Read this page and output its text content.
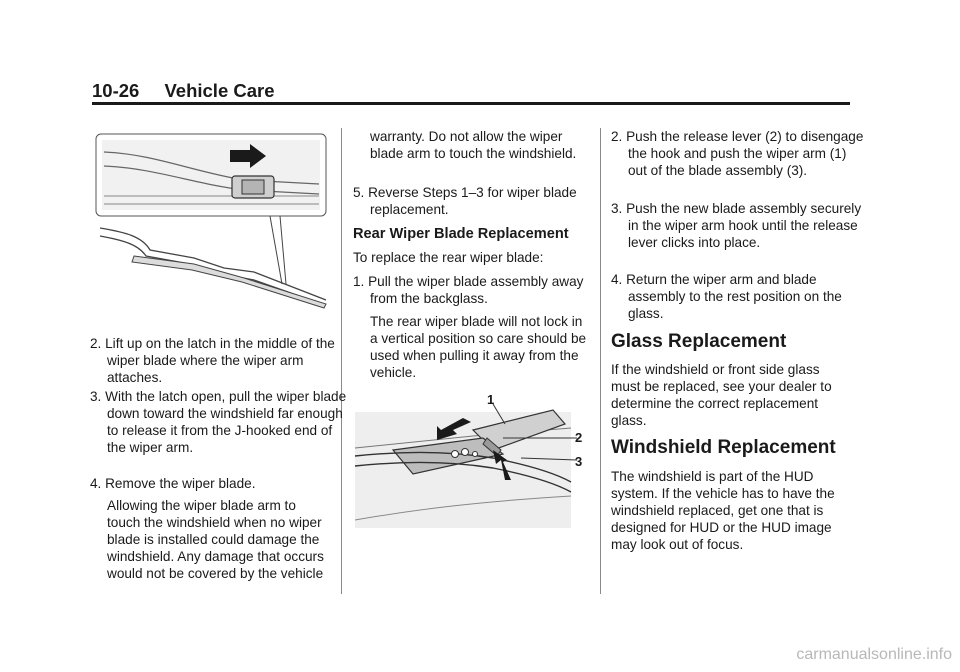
10-26 Vehicle Care
2. Lift up on the latch in the middle of the wiper blade where the wiper arm attaches.
3. With the latch open, pull the wiper blade down toward the windshield far enough to release it from the J-hooked end of the wiper arm.
4. Remove the wiper blade.
Allowing the wiper blade arm to touch the windshield when no wiper blade is installed could damage the windshield. Any damage that occurs would not be covered by the vehicle
warranty. Do not allow the wiper blade arm to touch the windshield.
5. Reverse Steps 1–3 for wiper blade replacement.
Rear Wiper Blade Replacement
To replace the rear wiper blade:
1. Pull the wiper blade assembly away from the backglass.
The rear wiper blade will not lock in a vertical position so care should be used when pulling it away from the vehicle.
1
2
3
2. Push the release lever (2) to disengage the hook and push the wiper arm (1) out of the blade assembly (3).
3. Push the new blade assembly securely in the wiper arm hook until the release lever clicks into place.
4. Return the wiper arm and blade assembly to the rest position on the glass.
Glass Replacement
If the windshield or front side glass must be replaced, see your dealer to determine the correct replacement glass.
Windshield Replacement
The windshield is part of the HUD system. If the vehicle has to have the windshield replaced, get one that is designed for HUD or the HUD image may look out of focus.
carmanualsonline.info
